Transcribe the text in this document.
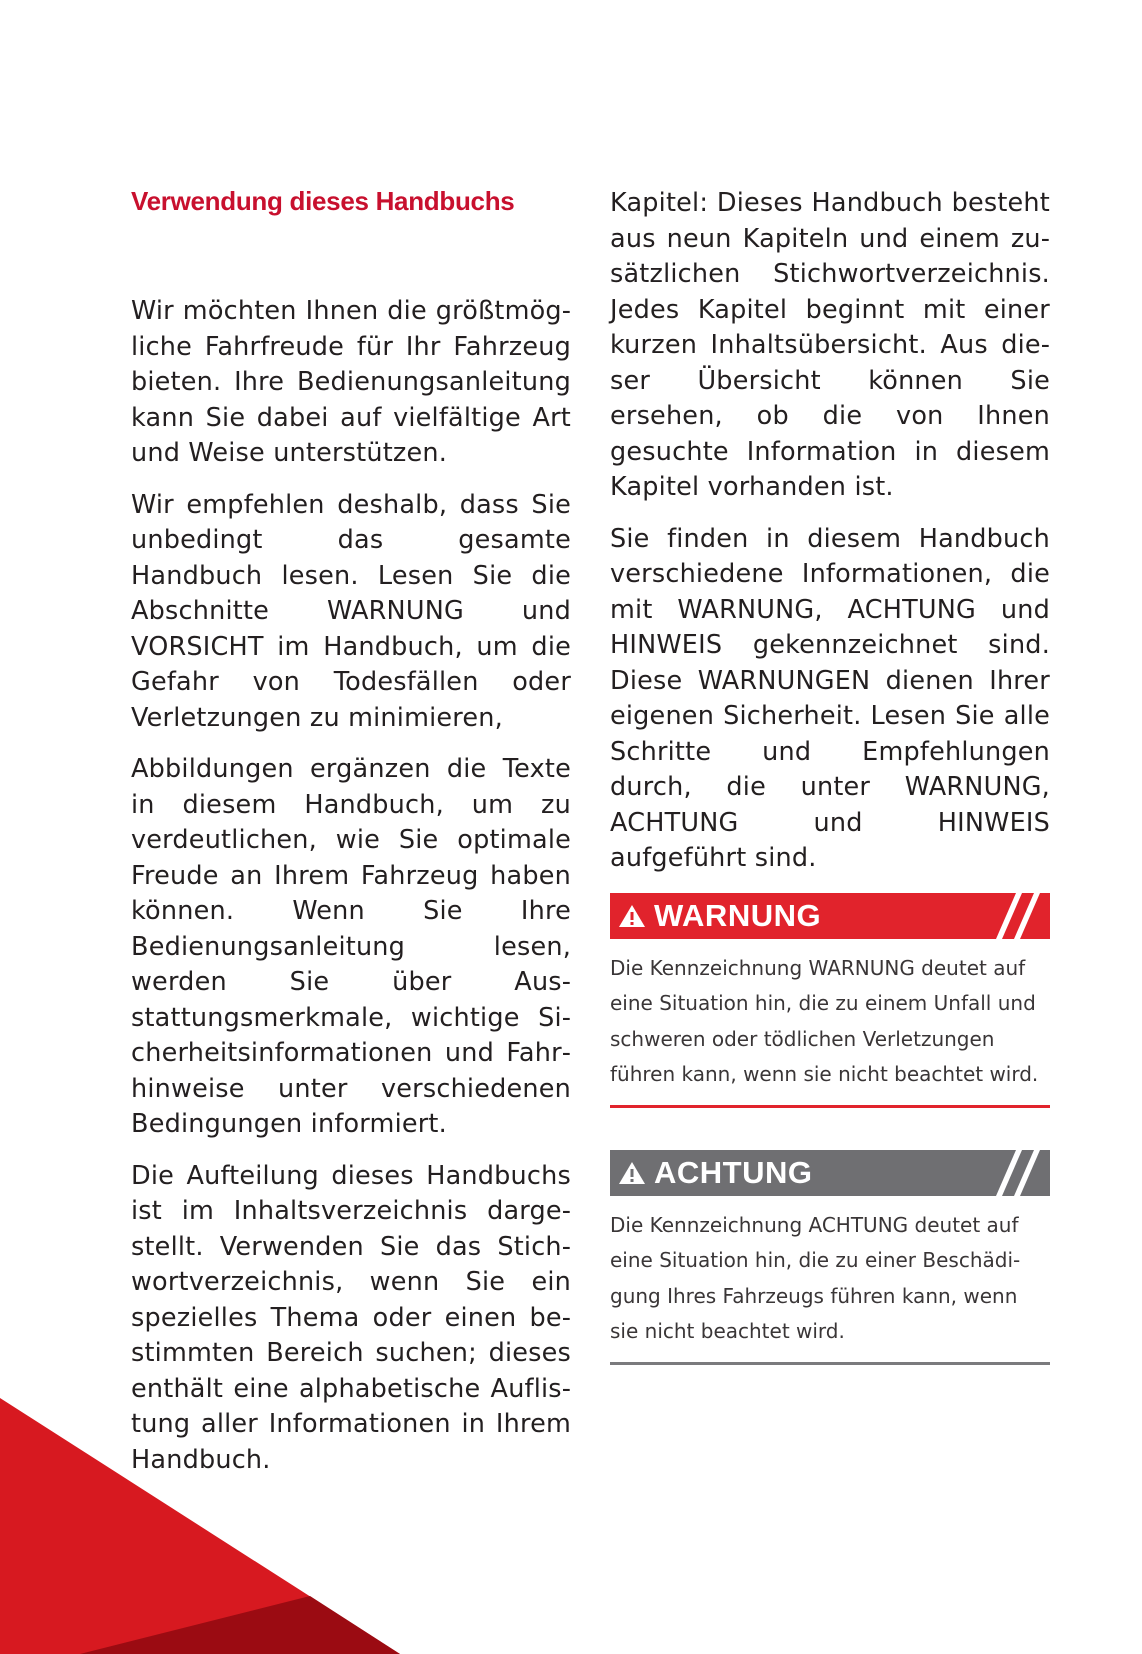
Verwendung dieses Handbuchs

Wir möchten Ihnen die größtmögliche Fahrfreude für Ihr Fahrzeug bieten. Ihre Bedienungsanleitung kann Sie dabei auf vielfältige Art und Weise unterstützen.

Wir empfehlen deshalb, dass Sie unbedingt das gesamte Handbuch lesen. Lesen Sie die Abschnitte WARNUNG und VORSICHT im Handbuch, um die Gefahr von Todesfällen oder Verletzungen zu minimieren,

Abbildungen ergänzen die Texte in diesem Handbuch, um zu verdeutlichen, wie Sie optimale Freude an Ihrem Fahrzeug haben können. Wenn Sie Ihre Bedienungsanleitung lesen, werden Sie über Ausstattungsmerkmale, wichtige Sicherheitsinformationen und Fahrhinweise unter verschiedenen Bedingungen informiert.

Die Aufteilung dieses Handbuchs ist im Inhaltsverzeichnis dargestellt. Verwenden Sie das Stichwortverzeichnis, wenn Sie ein spezielles Thema oder einen bestimmten Bereich suchen; dieses enthält eine alphabetische Auflistung aller Informationen in Ihrem Handbuch.

Kapitel: Dieses Handbuch besteht aus neun Kapiteln und einem zusätzlichen Stichwortverzeichnis. Jedes Kapitel beginnt mit einer kurzen Inhaltsübersicht. Aus dieser Übersicht können Sie ersehen, ob die von Ihnen gesuchte Information in diesem Kapitel vorhanden ist.

Sie finden in diesem Handbuch verschiedene Informationen, die mit WARNUNG, ACHTUNG und HINWEIS gekennzeichnet sind. Diese WARNUNGEN dienen Ihrer eigenen Sicherheit. Lesen Sie alle Schritte und Empfehlungen durch, die unter WARNUNG, ACHTUNG und HINWEIS aufgeführt sind.

WARNUNG

Die Kennzeichnung WARNUNG deutet auf eine Situation hin, die zu einem Unfall und schweren oder tödlichen Verletzungen führen kann, wenn sie nicht beachtet wird.

ACHTUNG

Die Kennzeichnung ACHTUNG deutet auf eine Situation hin, die zu einer Beschädigung Ihres Fahrzeugs führen kann, wenn sie nicht beachtet wird.
